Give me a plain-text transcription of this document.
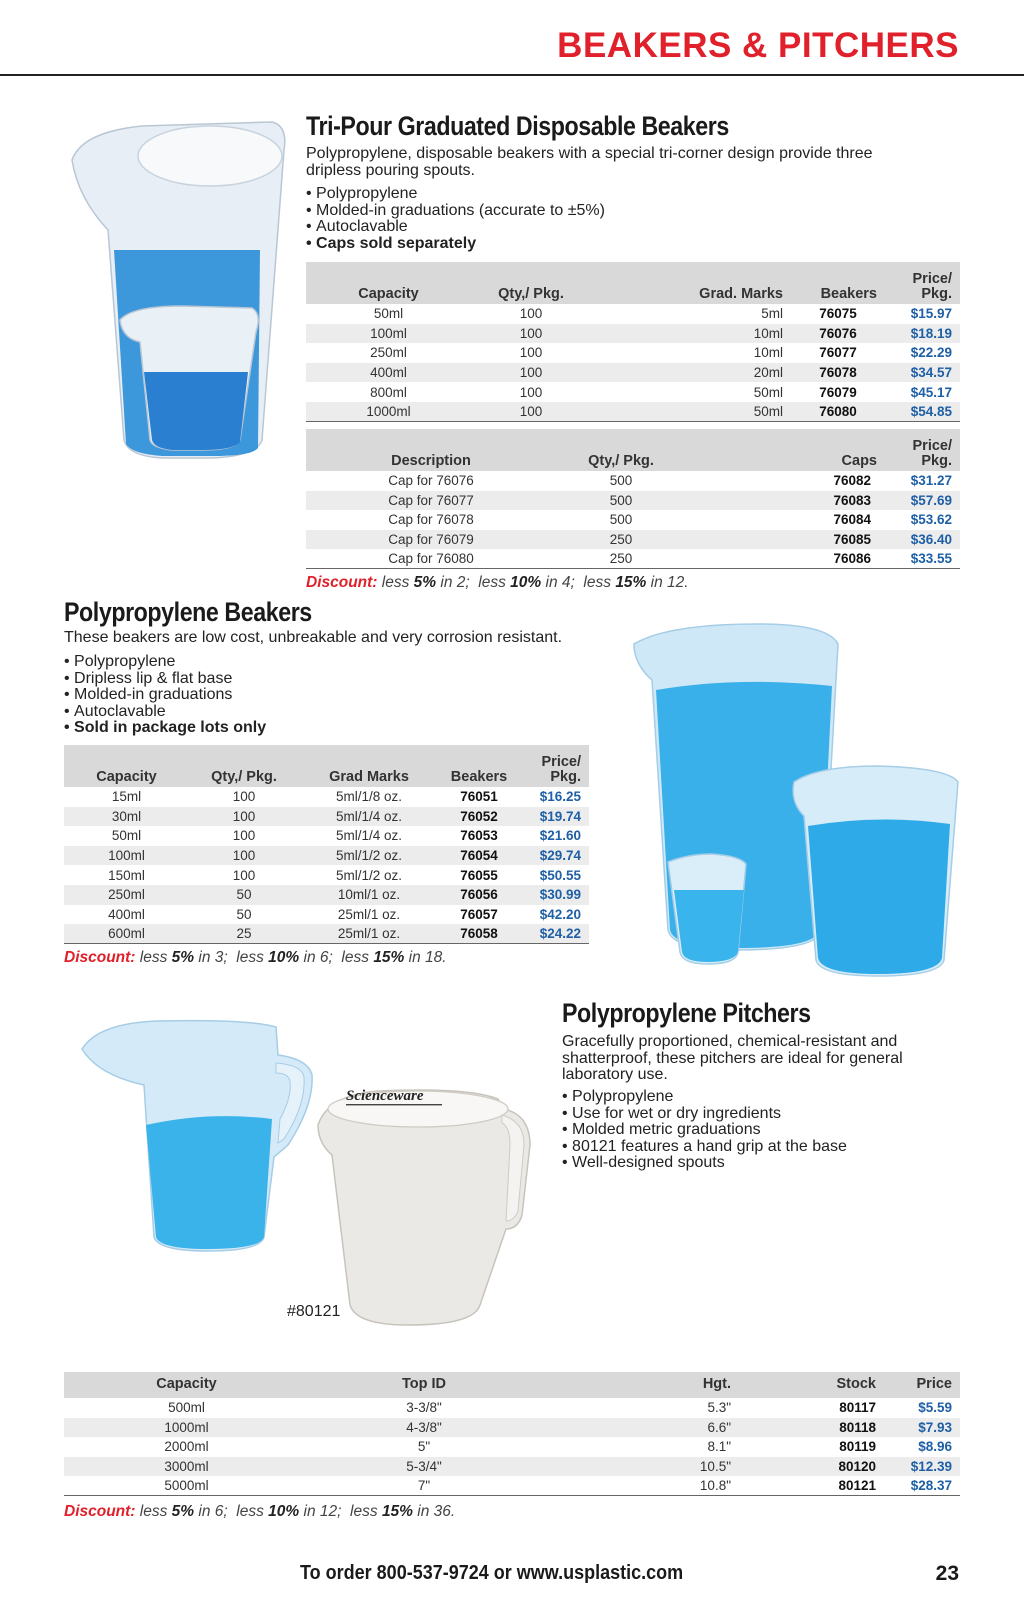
BEAKERS & PITCHERS
Tri-Pour Graduated Disposable Beakers
Polypropylene, disposable beakers with a special tri-corner design provide three dripless pouring spouts.
• Polypropylene
• Molded-in graduations (accurate to ±5%)
• Autoclavable
• Caps sold separately
Capacity	Qty,/ Pkg.	Grad. Marks	Beakers	Price/ Pkg.
50ml	100	5ml	76075	$15.97
100ml	100	10ml	76076	$18.19
250ml	100	10ml	76077	$22.29
400ml	100	20ml	76078	$34.57
800ml	100	50ml	76079	$45.17
1000ml	100	50ml	76080	$54.85
Description	Qty,/ Pkg.	Caps	Price/ Pkg.
Cap for 76076	500	76082	$31.27
Cap for 76077	500	76083	$57.69
Cap for 76078	500	76084	$53.62
Cap for 76079	250	76085	$36.40
Cap for 76080	250	76086	$33.55
Discount: less 5% in 2;  less 10% in 4;  less 15% in 12.
Polypropylene Beakers
These beakers are low cost, unbreakable and very corrosion resistant.
• Polypropylene
• Dripless lip & flat base
• Molded-in graduations
• Autoclavable
• Sold in package lots only
Capacity	Qty,/ Pkg.	Grad Marks	Beakers	Price/ Pkg.
15ml	100	5ml/1/8 oz.	76051	$16.25
30ml	100	5ml/1/4 oz.	76052	$19.74
50ml	100	5ml/1/4 oz.	76053	$21.60
100ml	100	5ml/1/2 oz.	76054	$29.74
150ml	100	5ml/1/2 oz.	76055	$50.55
250ml	50	10ml/1 oz.	76056	$30.99
400ml	50	25ml/1 oz.	76057	$42.20
600ml	25	25ml/1 oz.	76058	$24.22
Discount: less 5% in 3;  less 10% in 6;  less 15% in 18.
Polypropylene Pitchers
Gracefully proportioned, chemical-resistant and shatterproof, these pitchers are ideal for general laboratory use.
• Polypropylene
• Use for wet or dry ingredients
• Molded metric graduations
• 80121 features a hand grip at the base
• Well-designed spouts
Scienceware
#80121
Capacity	Top ID	Hgt.	Stock	Price
500ml	3-3/8"	5.3"	80117	$5.59
1000ml	4-3/8"	6.6"	80118	$7.93
2000ml	5"	8.1"	80119	$8.96
3000ml	5-3/4"	10.5"	80120	$12.39
5000ml	7"	10.8"	80121	$28.37
Discount: less 5% in 6;  less 10% in 12;  less 15% in 36.
To order 800-537-9724 or www.usplastic.com	23
